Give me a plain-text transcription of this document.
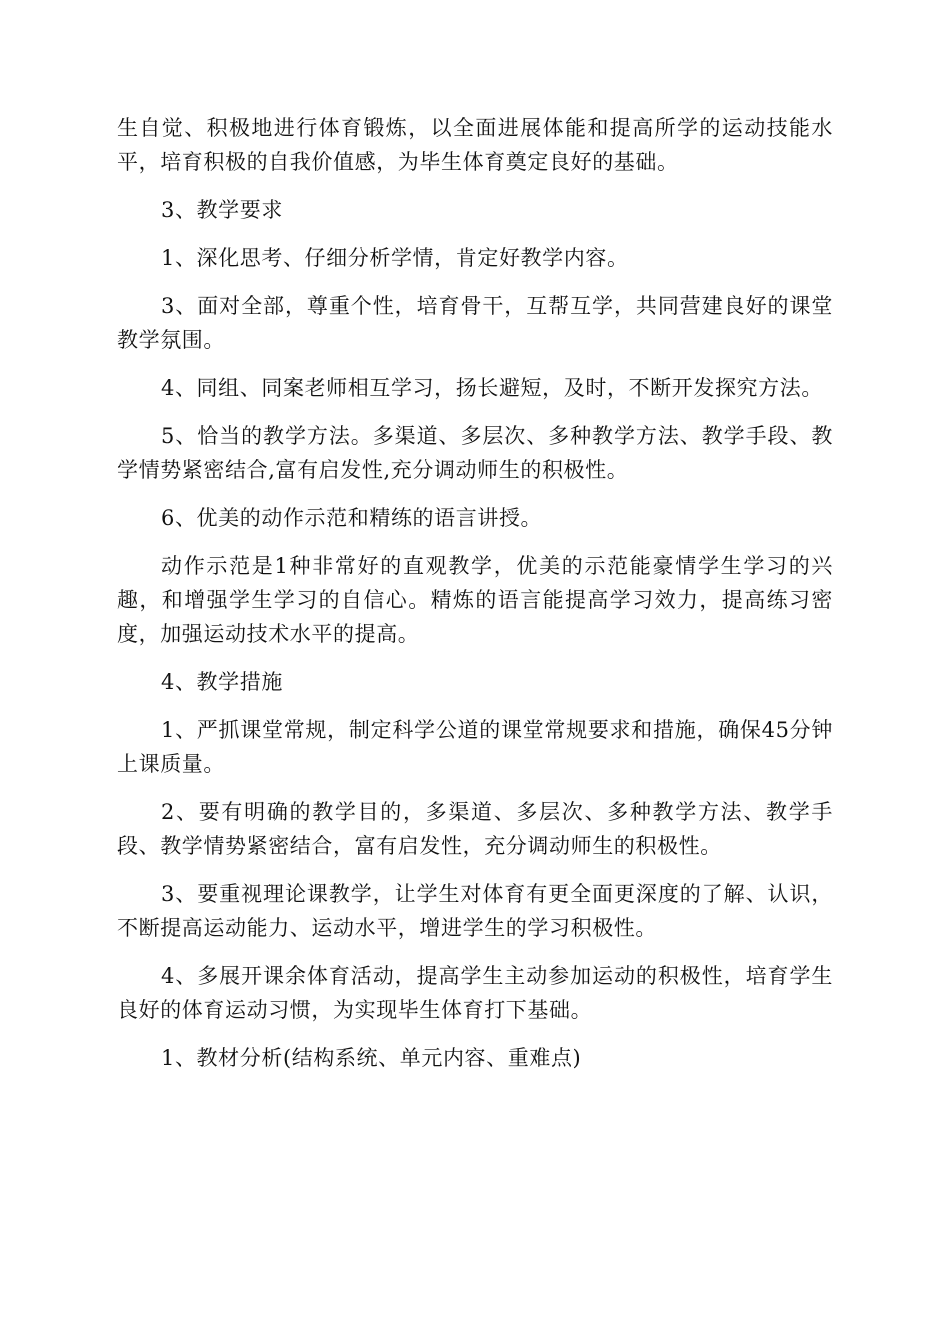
生自觉、积极地进行体育锻炼，以全面进展体能和提高所学的运动技能水平，培育积极的自我价值感，为毕生体育奠定良好的基础。

3、教学要求

1、深化思考、仔细分析学情，肯定好教学内容。

3、面对全部，尊重个性，培育骨干，互帮互学，共同营建良好的课堂教学氛围。

4、同组、同案老师相互学习，扬长避短，及时，不断开发探究方法。

5、恰当的教学方法。多渠道、多层次、多种教学方法、教学手段、教学情势紧密结合,富有启发性,充分调动师生的积极性。

6、优美的动作示范和精练的语言讲授。

动作示范是1种非常好的直观教学，优美的示范能豪情学生学习的兴趣，和增强学生学习的自信心。精炼的语言能提高学习效力，提高练习密度，加强运动技术水平的提高。

4、教学措施

1、严抓课堂常规，制定科学公道的课堂常规要求和措施，确保45分钟上课质量。

2、要有明确的教学目的，多渠道、多层次、多种教学方法、教学手段、教学情势紧密结合，富有启发性，充分调动师生的积极性。

3、要重视理论课教学，让学生对体育有更全面更深度的了解、认识，不断提高运动能力、运动水平，增进学生的学习积极性。

4、多展开课余体育活动，提高学生主动参加运动的积极性，培育学生良好的体育运动习惯，为实现毕生体育打下基础。

1、教材分析(结构系统、单元内容、重难点)
